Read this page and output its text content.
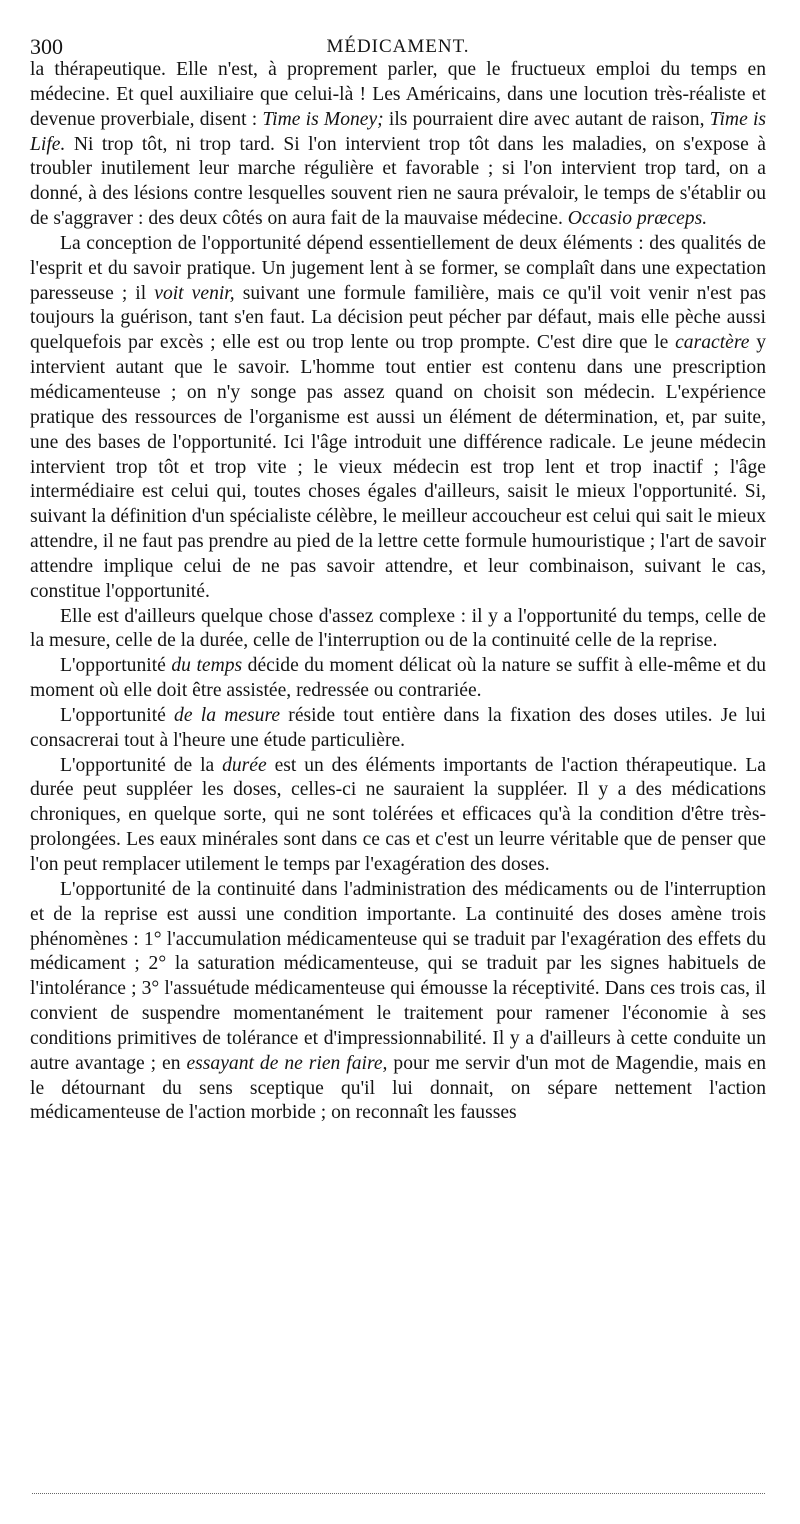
300	MÉDICAMENT.

la thérapeutique. Elle n'est, à proprement parler, que le fructueux emploi du temps en médecine. Et quel auxiliaire que celui-là ! Les Américains, dans une locution très-réaliste et devenue proverbiale, disent : Time is Money; ils pourraient dire avec autant de raison, Time is Life. Ni trop tôt, ni trop tard. Si l'on intervient trop tôt dans les maladies, on s'expose à troubler inutilement leur marche régulière et favorable ; si l'on intervient trop tard, on a donné, à des lésions contre lesquelles souvent rien ne saura prévaloir, le temps de s'établir ou de s'aggraver : des deux côtés on aura fait de la mauvaise médecine. Occasio præceps.

La conception de l'opportunité dépend essentiellement de deux éléments : des qualités de l'esprit et du savoir pratique. Un jugement lent à se former, se complaît dans une expectation paresseuse ; il voit venir, suivant une formule familière, mais ce qu'il voit venir n'est pas toujours la guérison, tant s'en faut. La décision peut pécher par défaut, mais elle pèche aussi quelquefois par excès ; elle est ou trop lente ou trop prompte. C'est dire que le caractère y intervient autant que le savoir. L'homme tout entier est contenu dans une prescription médicamenteuse ; on n'y songe pas assez quand on choisit son médecin. L'expérience pratique des ressources de l'organisme est aussi un élément de détermination, et, par suite, une des bases de l'opportunité. Ici l'âge introduit une différence radicale. Le jeune médecin intervient trop tôt et trop vite ; le vieux médecin est trop lent et trop inactif ; l'âge intermédiaire est celui qui, toutes choses égales d'ailleurs, saisit le mieux l'opportunité. Si, suivant la définition d'un spécialiste célèbre, le meilleur accoucheur est celui qui sait le mieux attendre, il ne faut pas prendre au pied de la lettre cette formule humouristique ; l'art de savoir attendre implique celui de ne pas savoir attendre, et leur combinaison, suivant le cas, constitue l'opportunité.

Elle est d'ailleurs quelque chose d'assez complexe : il y a l'opportunité du temps, celle de la mesure, celle de la durée, celle de l'interruption ou de la continuité celle de la reprise.

L'opportunité du temps décide du moment délicat où la nature se suffit à elle-même et du moment où elle doit être assistée, redressée ou contrariée.

L'opportunité de la mesure réside tout entière dans la fixation des doses utiles. Je lui consacrerai tout à l'heure une étude particulière.

L'opportunité de la durée est un des éléments importants de l'action thérapeutique. La durée peut suppléer les doses, celles-ci ne sauraient la suppléer. Il y a des médications chroniques, en quelque sorte, qui ne sont tolérées et efficaces qu'à la condition d'être très-prolongées. Les eaux minérales sont dans ce cas et c'est un leurre véritable que de penser que l'on peut remplacer utilement le temps par l'exagération des doses.

L'opportunité de la continuité dans l'administration des médicaments ou de l'interruption et de la reprise est aussi une condition importante. La continuité des doses amène trois phénomènes : 1° l'accumulation médicamenteuse qui se traduit par l'exagération des effets du médicament ; 2° la saturation médicamenteuse, qui se traduit par les signes habituels de l'intolérance ; 3° l'assuétude médicamenteuse qui émousse la réceptivité. Dans ces trois cas, il convient de suspendre momentanément le traitement pour ramener l'économie à ses conditions primitives de tolérance et d'impressionnabilité. Il y a d'ailleurs à cette conduite un autre avantage ; en essayant de ne rien faire, pour me servir d'un mot de Magendie, mais en le détournant du sens sceptique qu'il lui donnait, on sépare nettement l'action médicamenteuse de l'action morbide ; on reconnaît les fausses
